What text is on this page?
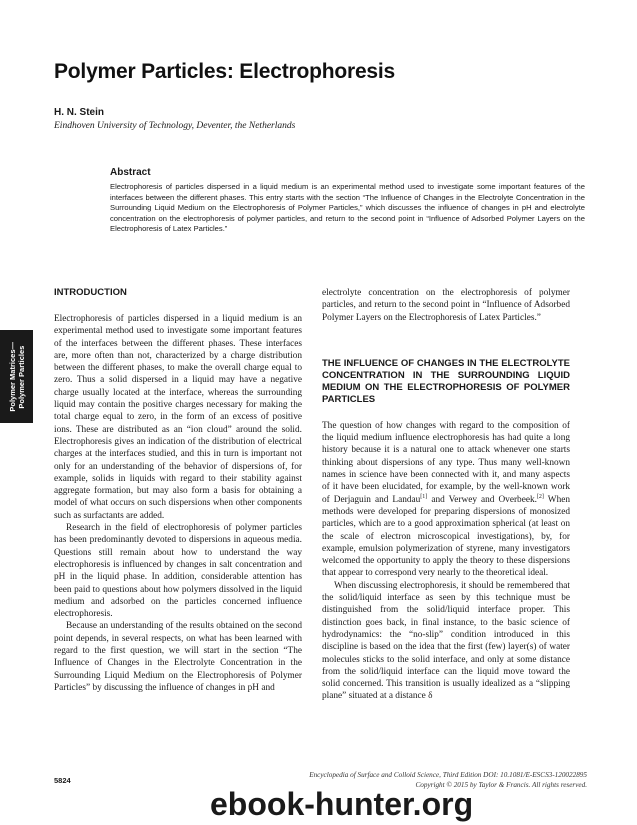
Polymer Particles: Electrophoresis
H. N. Stein
Eindhoven University of Technology, Deventer, the Netherlands
Abstract

Electrophoresis of particles dispersed in a liquid medium is an experimental method used to investigate some important features of the interfaces between the different phases. This entry starts with the section “The Influence of Changes in the Electrolyte Concentration in the Surrounding Liquid Medium on the Electrophoresis of Polymer Particles,” which discusses the influence of changes in pH and electrolyte concentration on the electrophoresis of polymer particles, and return to the second point in “Influence of Adsorbed Polymer Layers on the Electrophoresis of Latex Particles.”

Polymer Matrices—
Polymer Particles
INTRODUCTION

Electrophoresis of particles dispersed in a liquid medium is an experimental method used to investigate some important features of the interfaces between the different phases. These interfaces are, more often than not, characterized by a charge distribution between the different phases, to make the overall charge equal to zero. Thus a solid dispersed in a liquid may have a negative charge usually located at the interface, whereas the surrounding liquid may contain the positive charges necessary for making the total charge equal to zero, in the form of an excess of positive ions. These are distributed as an “ion cloud” around the solid. Electrophoresis gives an indication of the distribution of electrical charges at the interfaces studied, and this in turn is important not only for an understanding of the behavior of dispersions of, for example, solids in liquids with regard to their stability against aggregate formation, but may also form a basis for obtaining a model of what occurs on such dispersions when other components such as surfactants are added.

Research in the field of electrophoresis of polymer particles has been predominantly devoted to dispersions in aqueous media. Questions still remain about how to understand the way electrophoresis is influenced by changes in salt concentration and pH in the liquid phase. In addition, considerable attention has been paid to questions about how polymers dissolved in the liquid medium and adsorbed on the particles concerned influence electrophoresis.

Because an understanding of the results obtained on the second point depends, in several respects, on what has been learned with regard to the first question, we will start in the section “The Influence of Changes in the Electrolyte Concentration in the Surrounding Liquid Medium on the Electrophoresis of Polymer Particles” by discussing the influence of changes in pH and

electrolyte concentration on the electrophoresis of polymer particles, and return to the second point in “Influence of Adsorbed Polymer Layers on the Electrophoresis of Latex Particles.”

THE INFLUENCE OF CHANGES IN THE ELECTROLYTE CONCENTRATION IN THE SURROUNDING LIQUID MEDIUM ON THE ELECTROPHORESIS OF POLYMER PARTICLES

The question of how changes with regard to the composition of the liquid medium influence electrophoresis has had quite a long history because it is a natural one to attack whenever one starts thinking about dispersions of any type. Thus many well-known names in science have been connected with it, and many aspects of it have been elucidated, for example, by the well-known work of Derjaguin and Landau[1] and Verwey and Overbeek.[2] When methods were developed for preparing dispersions of monosized particles, which are to a good approximation spherical (at least on the scale of electron microscopical investigations), by, for example, emulsion polymerization of styrene, many investigators welcomed the opportunity to apply the theory to these dispersions that appear to correspond very nearly to the theoretical ideal.

When discussing electrophoresis, it should be remembered that the solid/liquid interface as seen by this technique must be distinguished from the solid/liquid interface proper. This distinction goes back, in final instance, to the basic science of hydrodynamics: the “no-slip” condition introduced in this discipline is based on the idea that the first (few) layer(s) of water molecules sticks to the solid interface, and only at some distance from the solid/liquid interface can the liquid move toward the solid concerned. This transition is usually idealized as a “slipping plane” situated at a distance δ

5824
Encyclopedia of Surface and Colloid Science, Third Edition DOI: 10.1081/E-ESCS3-120022895
Copyright © 2015 by Taylor & Francis. All rights reserved.
ebook-hunter.org
